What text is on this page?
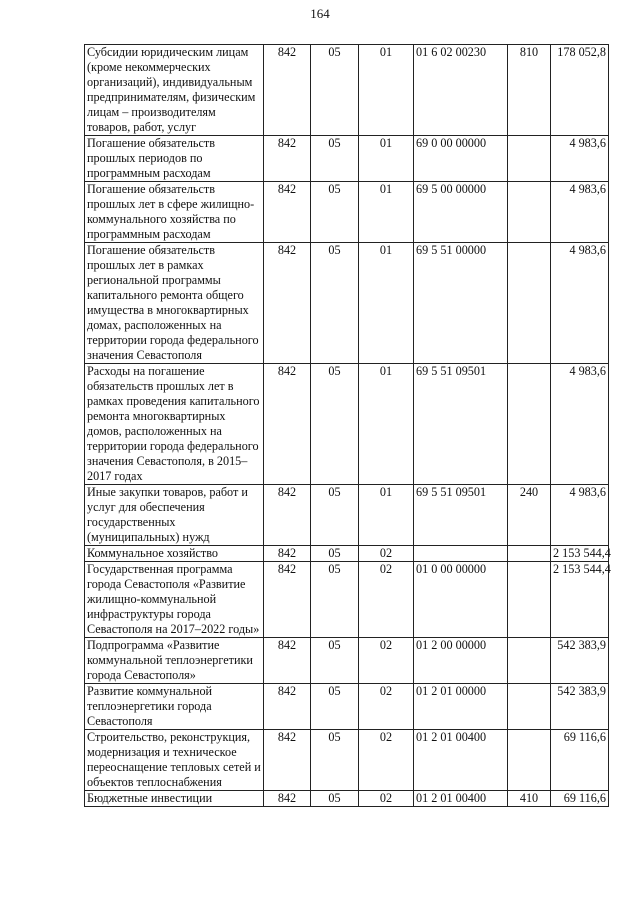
164
Субсидии юридическим лицам (кроме некоммерческих организаций), индивидуальным предпринимателям, физическим лицам – производителям товаров, работ, услуг	842	05	01	01 6 02 00230	810	178 052,8
Погашение обязательств прошлых периодов по программным расходам	842	05	01	69 0 00 00000		4 983,6
Погашение обязательств прошлых лет в сфере жилищно-коммунального хозяйства по программным расходам	842	05	01	69 5 00 00000		4 983,6
Погашение обязательств прошлых лет в рамках региональной программы капитального ремонта общего имущества в многоквартирных домах, расположенных на территории города федерального значения Севастополя	842	05	01	69 5 51 00000		4 983,6
Расходы на погашение обязательств прошлых лет в рамках проведения капитального ремонта многоквартирных домов, расположенных на территории города федерального значения Севастополя, в 2015–2017 годах	842	05	01	69 5 51 09501		4 983,6
Иные закупки товаров, работ и услуг для обеспечения государственных (муниципальных) нужд	842	05	01	69 5 51 09501	240	4 983,6
Коммунальное хозяйство	842	05	02			2 153 544,4
Государственная программа города Севастополя «Развитие жилищно-коммунальной инфраструктуры города Севастополя на 2017–2022 годы»	842	05	02	01 0 00 00000		2 153 544,4
Подпрограмма «Развитие коммунальной теплоэнергетики города Севастополя»	842	05	02	01 2 00 00000		542 383,9
Развитие коммунальной теплоэнергетики города Севастополя	842	05	02	01 2 01 00000		542 383,9
Строительство, реконструкция, модернизация и техническое переоснащение тепловых сетей и объектов теплоснабжения	842	05	02	01 2 01 00400		69 116,6
Бюджетные инвестиции	842	05	02	01 2 01 00400	410	69 116,6
